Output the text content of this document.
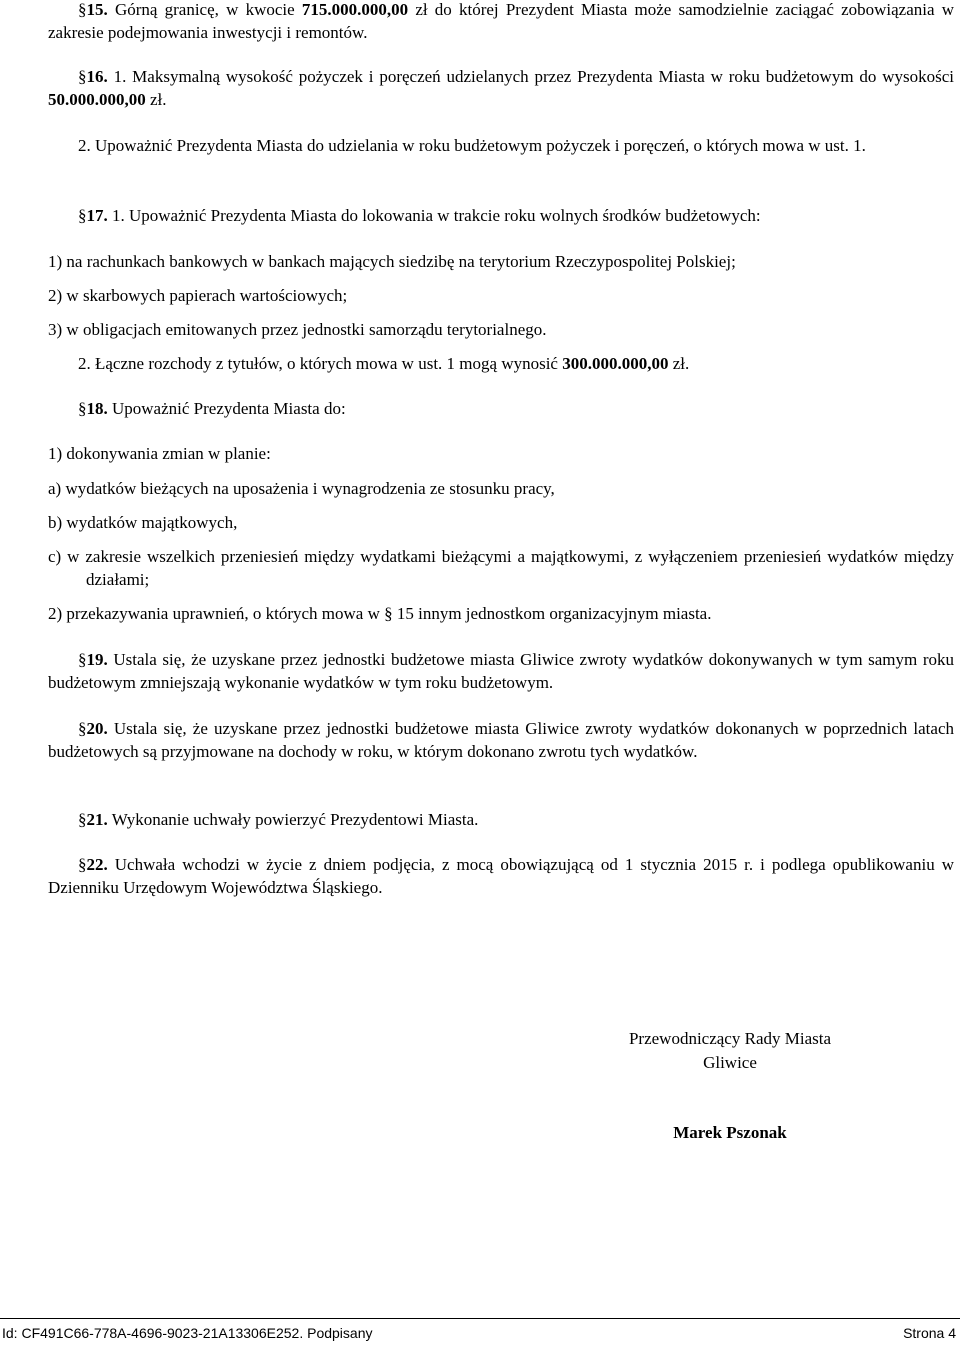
§15. Górną granicę, w kwocie 715.000.000,00 zł do której Prezydent Miasta może samodzielnie zaciągać zobowiązania w zakresie podejmowania inwestycji i remontów.

§16. 1. Maksymalną wysokość pożyczek i poręczeń udzielanych przez Prezydenta Miasta w roku budżetowym do wysokości 50.000.000,00 zł.

2. Upoważnić Prezydenta Miasta do udzielania w roku budżetowym pożyczek i poręczeń, o których mowa w ust. 1.

§17. 1. Upoważnić Prezydenta Miasta do lokowania w trakcie roku wolnych środków budżetowych:

1) na rachunkach bankowych w bankach mających siedzibę na terytorium Rzeczypospolitej Polskiej;

2) w skarbowych papierach wartościowych;

3) w obligacjach emitowanych przez jednostki samorządu terytorialnego.

2. Łączne rozchody z tytułów, o których mowa w ust. 1 mogą wynosić 300.000.000,00 zł.

§18. Upoważnić Prezydenta Miasta do:

1) dokonywania zmian w planie:

a) wydatków bieżących na uposażenia i wynagrodzenia ze stosunku pracy,

b) wydatków majątkowych,

c) w zakresie wszelkich przeniesień między wydatkami bieżącymi a majątkowymi, z wyłączeniem przeniesień wydatków między działami;

2) przekazywania uprawnień, o których mowa w § 15 innym jednostkom organizacyjnym miasta.

§19. Ustala się, że uzyskane przez jednostki budżetowe miasta Gliwice zwroty wydatków dokonywanych w tym samym roku budżetowym zmniejszają wykonanie wydatków w tym roku budżetowym.

§20. Ustala się, że uzyskane przez jednostki budżetowe miasta Gliwice zwroty wydatków dokonanych w poprzednich latach budżetowych są przyjmowane na dochody w roku, w którym dokonano zwrotu tych wydatków.

§21. Wykonanie uchwały powierzyć Prezydentowi Miasta.

§22. Uchwała wchodzi w życie z dniem podjęcia, z mocą obowiązującą od 1 stycznia 2015 r. i podlega opublikowaniu w Dzienniku Urzędowym Województwa Śląskiego.

Przewodniczący Rady Miasta
Gliwice
Marek Pszonak
Id: CF491C66-778A-4696-9023-21A13306E252. Podpisany	Strona 4
